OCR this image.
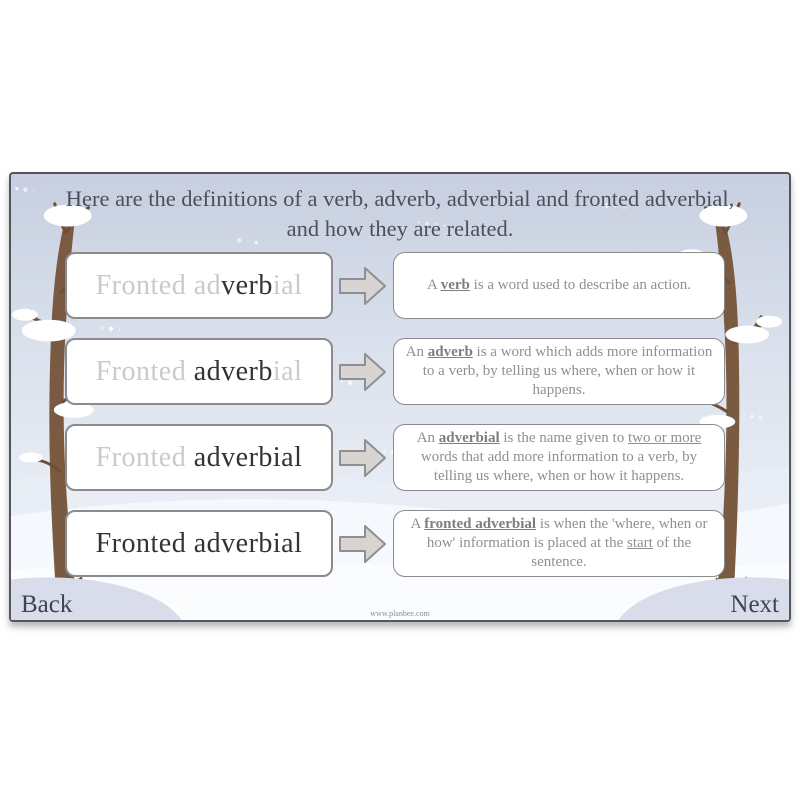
Here are the definitions of a verb, adverb, adverbial and fronted adverbial, and how they are related.
Fronted adverbial	A verb is a word used to describe an action.
Fronted adverbial
An adverb is a word which adds more information to a verb, by telling us where, when or how it happens.
Fronted adverbial
An adverbial is the name given to two or more words that add more information to a verb, by telling us where, when or how it happens.
Fronted adverbial
A fronted adverbial is when the 'where, when or how' information is placed at the start of the sentence.
Back	Next
www.planbee.com
